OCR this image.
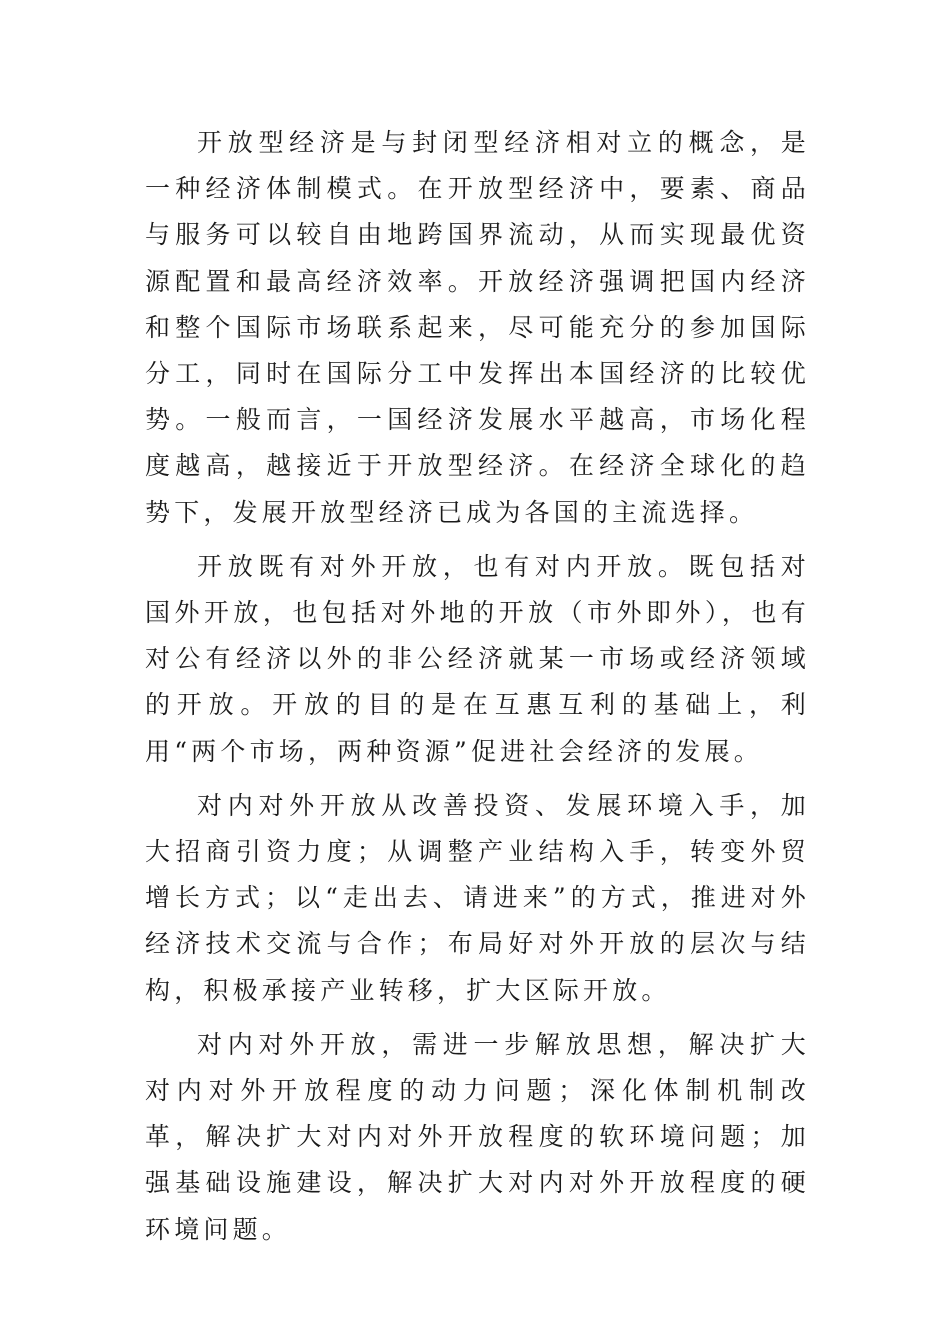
开放型经济是与封闭型经济相对立的概念，是一种经济体制模式。在开放型经济中，要素、商品与服务可以较自由地跨国界流动，从而实现最优资源配置和最高经济效率。开放经济强调把国内经济和整个国际市场联系起来，尽可能充分的参加国际分工，同时在国际分工中发挥出本国经济的比较优势。一般而言，一国经济发展水平越高，市场化程度越高，越接近于开放型经济。在经济全球化的趋势下，发展开放型经济已成为各国的主流选择。

开放既有对外开放，也有对内开放。既包括对国外开放，也包括对外地的开放（市外即外），也有对公有经济以外的非公经济就某一市场或经济领域的开放。开放的目的是在互惠互利的基础上，利用“两个市场，两种资源”促进社会经济的发展。

对内对外开放从改善投资、发展环境入手，加大招商引资力度；从调整产业结构入手，转变外贸增长方式；以“走出去、请进来”的方式，推进对外经济技术交流与合作；布局好对外开放的层次与结构，积极承接产业转移，扩大区际开放。

对内对外开放，需进一步解放思想，解决扩大对内对外开放程度的动力问题；深化体制机制改革，解决扩大对内对外开放程度的软环境问题；加强基础设施建设，解决扩大对内对外开放程度的硬环境问题。
